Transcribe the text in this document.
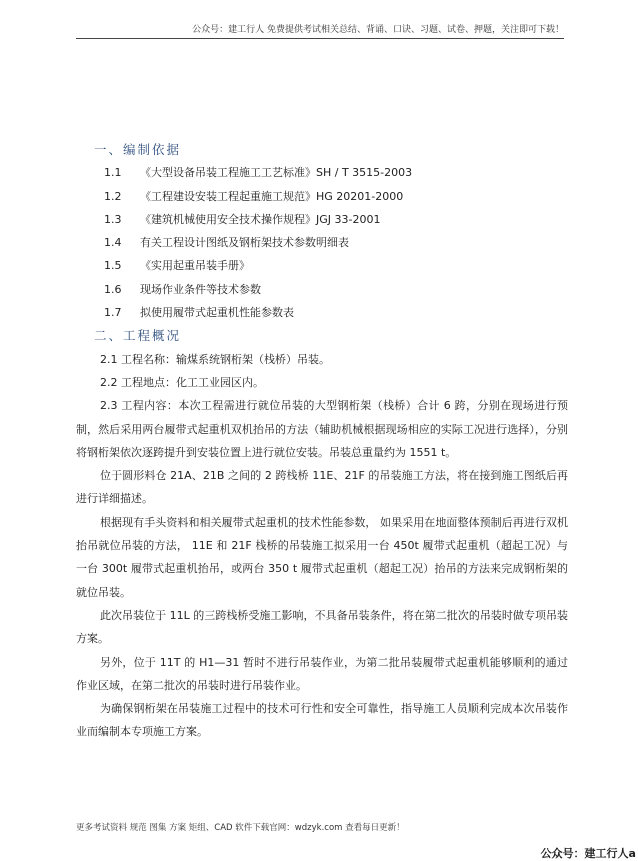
公众号：建工行人 免费提供考试相关总结、背诵、口诀、习题、试卷、押题，关注即可下载！
一、编制依据
1.1 《大型设备吊装工程施工工艺标准》SH / T 3515-2003
1.2 《工程建设安装工程起重施工规范》HG 20201-2000
1.3 《建筑机械使用安全技术操作规程》JGJ 33-2001
1.4 有关工程设计图纸及钢桁架技术参数明细表
1.5 《实用起重吊装手册》
1.6 现场作业条件等技术参数
1.7 拟使用履带式起重机性能参数表
二、工程概况
2.1 工程名称：输煤系统钢桁架（栈桥）吊装。
2.2 工程地点：化工工业园区内。
2.3 工程内容：本次工程需进行就位吊装的大型钢桁架（栈桥）合计 6 跨，分别在现场进行预制，然后采用两台履带式起重机双机抬吊的方法（辅助机械根据现场相应的实际工况进行选择），分别将钢桁架依次逐跨提升到安装位置上进行就位安装。吊装总重量约为 1551 t。
位于圆形料仓 21A、21B 之间的 2 跨栈桥 11E、21F 的吊装施工方法，将在接到施工图纸后再进行详细描述。
根据现有手头资料和相关履带式起重机的技术性能参数， 如果采用在地面整体预制后再进行双机抬吊就位吊装的方法， 11E 和 21F 栈桥的吊装施工拟采用一台 450t 履带式起重机（超起工况）与一台 300t 履带式起重机抬吊，或两台 350 t 履带式起重机（超起工况）抬吊的方法来完成钢桁架的就位吊装。
此次吊装位于 11L 的三跨栈桥受施工影响，不具备吊装条件，将在第二批次的吊装时做专项吊装方案。
另外，位于 11T 的 H1—31 暂时不进行吊装作业，为第二批吊装履带式起重机能够顺利的通过作业区域，在第二批次的吊装时进行吊装作业。
为确保钢桁架在吊装施工过程中的技术可行性和安全可靠性，指导施工人员顺利完成本次吊装作业而编制本专项施工方案。
更多考试资料 规范 图集 方案 矩组、CAD 软件下载官网：wdzyk.com 查看每日更新！
公众号：建工行人a
